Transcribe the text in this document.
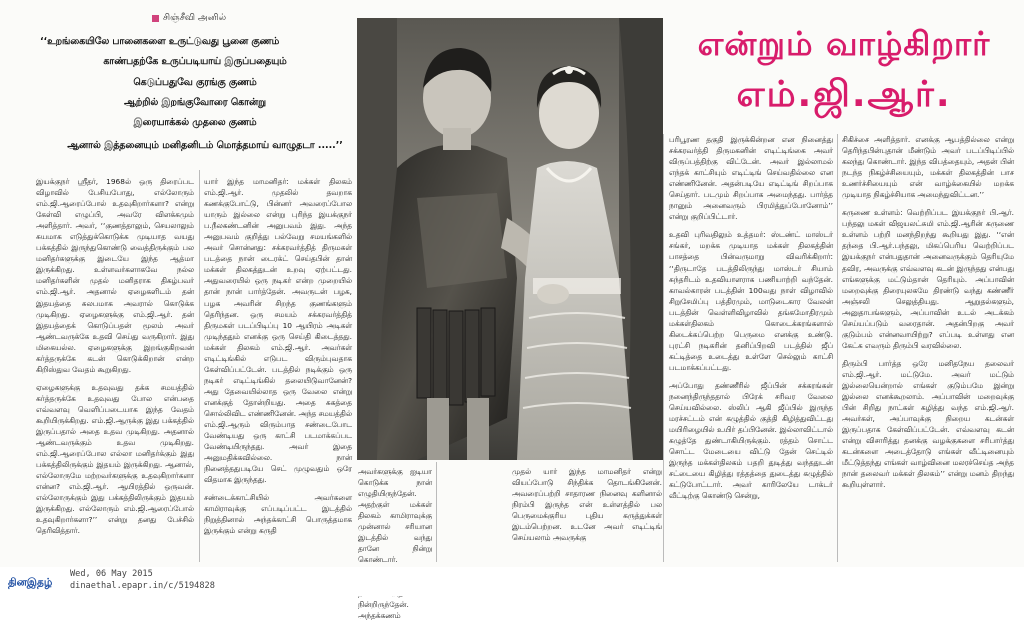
சிஞ்சீவி அனில்
‘‘உறங்கையிலே பானைகளை உருட்டுவது பூனை குணம்
காண்பதற்கே உருப்படியாய் இருப்பதையும்
கெடுப்பதுவே குரங்கு குணம்
ஆற்றில் இறங்குவோரை கொன்று
இரையாக்கல் முதலை குணம்
ஆனால் இத்தனையும் மனிதனிடம் மொத்தமாய் வாழுதடா .....’’

இயக்குநர் ஸ்ரீதர், 1968ல் ஒரு திரைப்பட விழாவில் பேசியபோது, எல்லோரும் எம்.ஜி.ஆரைப்போல் உதவுகிறார்களா? என்று கேள்வி எழுப்பி, அவரே விளக்கமும் அளித்தார். அவர், ‘‘குணத்தாலும், செயலாலும் சுயமாக எடுத்துக்கொடுக்க முடியாத வயது பக்கத்தில் இருந்துகொண்டு வைத்திருக்கும் பல மனிதர்களுக்கு இடையே இந்த ஆத்மா இருக்கிறது. உள்ளவர்களாகவே நல்ல மனிதர்களின் முதல் மனிதராக திகழ்பவர் எம்.ஜி.ஆர். அதனால் ஏழைகளிடம் தன் இதயத்தை சுலபமாக அவரால் கொடுக்க முடிகிறது. ஏழைகளுக்கு எம்.ஜி.ஆர். தன் இதயத்தைக் கொடுப்பதன் மூலம் அவர் ஆண்டவருக்கே உதவி செய்து வருகிறார். இது மிகையல்ல. ஏழைகளுக்கு இறங்குகிறவன் கர்த்தருக்கே கடன் கொடுக்கிறான் என்ற கிறிஸ்துவ வேதம் கூறுகிறது.

ஏழைகளுக்கு உதவுவது தக்க சமயத்தில் கர்த்தருக்கே உதவுவது போல என்பதை எவ்வளவு வெளிப்படையாக இந்த வேதம் கூறியிருக்கிறது. எம்.ஜி.ஆருக்கு இது பக்கத்தில் இருப்பதால் அதை உதவ முடிகிறது. அதனால் ஆண்டவருக்கும் உதவ முடிகிறது. எம்.ஜி.ஆரைப்போல எல்லா மனிதர்க்கும் இது பக்கத்திலிருக்கும் இதயம் இருக்கிறது. ஆனால், எல்லோருமே மற்றவர்களுக்கு உதவுகிறார்களா என்ன? எம்.ஜி.ஆர். ஆயிரத்தில் ஒருவன். எல்லோருக்கும் இது பக்கத்திலிருக்கும் இதயம் இருக்கிறது. எல்லோரும் எம்.ஜி.ஆரைப்போல் உதவுகிறார்களா?’’ என்று தனது பேச்சில் தெரிவித்தார்.

யார் இந்த மாமனிதர்: மக்கள் திலகம் எம்.ஜி.ஆர். முதலில் தவறாக கணக்குபோட்டு, பின்னர் அவரைப்போல யாரும் இல்லை என்று புரிந்த இயக்குநர் ப.நீலகண்டனின் அனுபவம் இது. அந்த அனுபவம் குறித்து பல்வேறு சமயங்களில் அவர் சொன்னது: சக்கரவர்த்தித் திருமகள் படத்தை நான் டைரக்ட் செய்தபின் தான் மக்கள் திலகத்துடன் உறவு ஏற்பட்டது. அதுவரையில் ஒரு நடிகர் என்ற முறையில் தான் நான் பார்த்தேன். அவருடன் பழக, பழக அவரின் சிறந்த குணங்களும் தெரிந்தன. ஒரு சமயம் சக்கரவர்த்தித் திருமகள் படப்பிடிப்பு 10 ஆயிரம் அடிகள் முடிந்ததும் எனக்கு ஒரு செய்தி கிடைத்தது. மக்கள் திலகம் எம்.ஜி.ஆர். அவர்கள் எடிட்டிங்கில் எடுபட விரும்புவதாக கேள்விப்பட்டேன். படத்தில் நடிக்கும் ஒரு நடிகர் எடிட்டிங்கில் தலையிடுவானேன்? அது தேவையில்லாத ஒரு வேலை என்று எனக்குத் தோன்றியது. அதை சுகத்தை சொல்லிவிட எண்ணினேன். அந்த சமயத்தில் எம்.ஜி.ஆரும் விரும்பாத சண்டைபோட வேண்டியது ஒரு காட்சி படமாக்கப்பட வேண்டியிருந்தது. அவர் இதை அனுமதிக்கவில்லை. நான் நினைத்ததுபடியே செட் முழுவதும் ஒரே விதமாக இருந்தது.

சண்டைக்காட்சியில் அவர்களை காமிராவுக்கு எப்படிப்பட்ட இடத்தில் நிறுத்தினால் அந்தக்காட்சி பொருத்தமாக இருக்கும் என்று கருதி

அவர்களுக்கு ஐடியா கொடுக்க நான் எழுதியிருந்தேன். அதற்குள் மக்கள் திலகம் காமிராவுக்கு முன்னால் சரியான இடத்தில் வந்து தானே நின்று கொண்டார். நின்றிருந்தேன். அந்தக்கணம்

முதல் யார் இந்த மாமனிதர் என்று வியப்போடு சிந்திக்க தொடங்கினேன். அவரைப்பற்றி சாதாரண நினைவு களினால் நிரம்பி இருந்த என் உள்ளத்தில் பல பெருமைக்குரிய புதிய கருத்துக்கள் இடம்பெற்றன. உடனே அவர் எடிட்டிங் செய்யலாம் அவருக்கு

பரிபூரண தகுதி இருக்கின்றன என நினைத்து சக்கரவர்த்தி திருமகனின் எடிட்டிங்கை அவர் விருப்பத்திற்கு விட்டேன். அவர் இல்லாமல் எந்தக் காட்சியும் எடிட்டிங் செய்வதில்லை என எண்ணினேன். அதன்படியே எடிட்டிங் சிறப்பாக செய்தார். படமும் சிறப்பாக அமைந்தது. பார்த்த நானும் அனைவரும் பிரமித்துப்போனோம்’’ என்று குறிப்பிட்டார்.

உதவி புரிவதிலும் உத்தமர்: ஸ்டண்ட் மாஸ்டர் சங்கர், மறக்க முடியாத மக்கள் திலகத்தின் பாசத்தை பின்வருமாறு விவரிக்கிறார்: ‘‘திருடாதே படத்திலிருந்து மாஸ்டர் சியாம் சுந்தரிடம் உதவியாளராக பணியாற்றி வந்தேன். காவல்காரன் படத்தின் 100வது நாள் விழாவில் சிறுசேமிப்பு பத்திரமும், மாடுடைகார வேலன் படத்தின் வெள்ளிவிழாவில் தங்கமோதிரமும் மக்கள்திலகம் கொடைக்கரங்களால் கிடைக்கப்பெற்ற பெருமை எனக்கு உண்டு. புரட்சி நடிகரின் தனிப்பிறவி படத்தில் ஜீப் கட்டித்தை உடைத்து உள்ளே செல்லும் காட்சி படமாக்கப்பட்டது.

அப்போது தண்ணீரில் ஜீப்பின் சக்கரங்கள் நனைந்திருந்ததால் பிரேக் சரிவர வேலை செய்யவில்லை. ஸ்லிப் ஆகி ஜீப்பில் இருந்த மரச்சட்டம் என் கழுத்தில் குத்தி கிழித்துவிட்டது மயிரிழையில் உயிர் தப்பினேன். இல்லாவிட்டால் கழுத்தே துண்டாகியிருக்கும். ரத்தம் சொட்ட சொட்ட மேடையை விட்டு தேன் செட்டில் இருந்த மக்கள்திலகம் பதறி துடித்து வந்ததுடன் சட்டையை கிழித்து ரத்தத்தை துடைத்து கழுத்தில் கட்டுபோட்டார். அவர் காரிலேயே டாக்டர் வீட்டிற்கு கொண்டு சென்று,

சிகிச்சை அளித்தார். எனக்கு ஆபத்தில்லை என்று தெரிந்தபின்புதான் மீண்டும் அவர் படப்பிடிப்பில் கலந்து கொண்டார். இந்த விபத்தையும், அதன் பின் நடந்த நிகழ்ச்சியையும், மக்கள் திலகத்தின் பாச உணர்ச்சியையும் என் வாழ்க்கையில் மறக்க முடியாத நிகழ்ச்சியாக அமைந்துவிட்டன.’’

கருணை உள்ளம்: வெற்றிப்பட இயக்குநர் பி.ஆர். பந்தலு மகள் விஜயலட்சுமி எம்.ஜி.ஆரின் கருணை உள்ளம் பற்றி மனந்திறந்து கூறியது இது. ‘‘என் தந்தை பி.ஆர்.பந்தலு, மிகப்பெரிய வெற்றிப்பட இயக்குநர் என்பதுதான் அனைவருக்கும் தெரியுமே தவிர, அவருக்கு எவ்வளவு கடன் இருந்தது என்பது எங்களுக்கு மட்டும்தான் தெரியும். அப்பாவின் மறைவுக்கு திரையுலகமே திரண்டு வந்து கண்ணீர் அஞ்சலி செலுத்தியது. ஆறுதல்களும், அனுதாபங்களும், அப்பாவின் உடல் அடக்கம் செய்யப்படும் வரைதான். அதன்பிறகு அவர் குடும்பம் என்னவாயிற்று? எப்படி உள்ளது என கேட்க எவரும் திரும்பி வரவில்லை.

திரும்பி பார்த்த ஒரே மனிதநேய தலைவர் எம்.ஜி.ஆர். மட்டுமே. அவர் மட்டும் இல்லையென்றால் எங்கள் குடும்பமே இன்று இல்லை எனக்கூறலாம். அப்பாவின் மறைவுக்கு பின் சிறிது நாட்கள் கழித்து வந்த எம்.ஜி.ஆர். அவர்கள், அப்பாவுக்கு நிறைய கடன்கள் இருப்பதாக கேள்விப்பட்டேன். எவ்வளவு கடன் என்று விசாரித்து தனக்கு வழக்குகளை சரிபார்த்து கடன்களை அடைத்தோடு எங்கள் வீட்டினையும் மீட்டுத்தந்து எங்கள் வாழ்வினை மலரச்செய்த அந்த நான் தலைவர் மக்கள் திலகம்’’ என்று மனம் திறந்து கூறியுள்ளார்.

என்றும் வாழ்கிறார்
எம்.ஜி.ஆர்.
தினஇதழ்
Wed, 06 May 2015
dinaethal.epapr.in/c/5194828
